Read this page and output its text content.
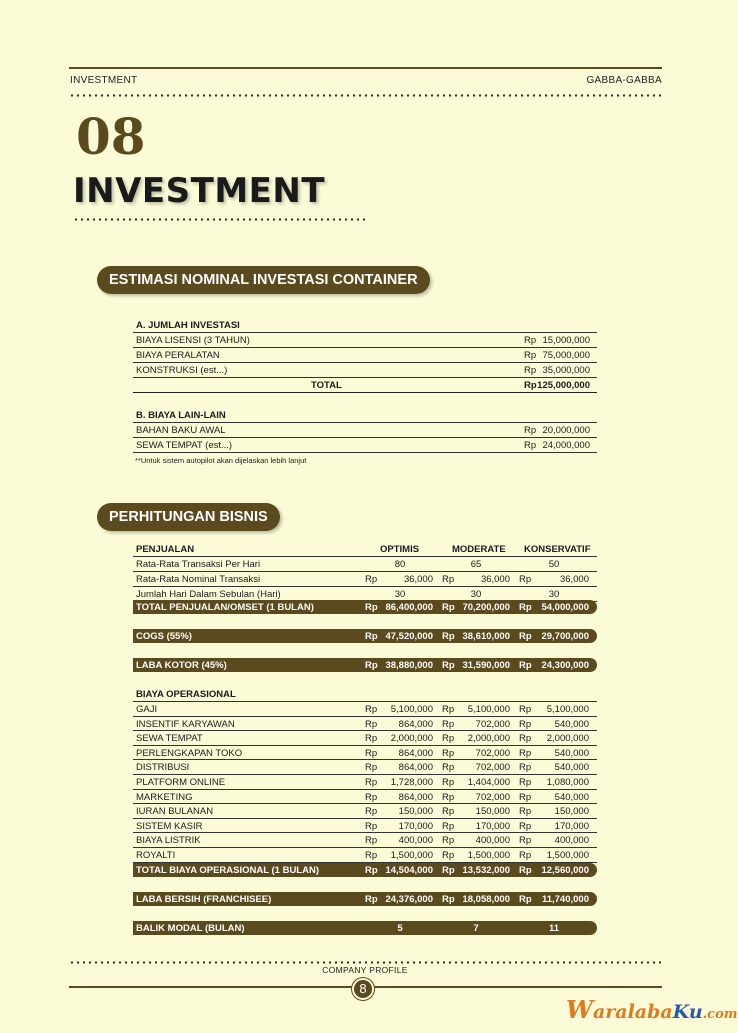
INVESTMENT	GABBA-GABBA
08
INVESTMENT
ESTIMASI NOMINAL INVESTASI CONTAINER
A. JUMLAH INVESTASI
BIAYA LISENSI (3 TAHUN)	Rp 15,000,000
BIAYA PERALATAN	Rp 75,000,000
KONSTRUKSI (est...)	Rp 35,000,000
TOTAL	Rp 125,000,000
B. BIAYA LAIN-LAIN
BAHAN BAKU AWAL	Rp 20,000,000
SEWA TEMPAT (est...)	Rp 24,000,000
**Untuk sistem autopilot akan dijelaskan lebih lanjut
PERHITUNGAN BISNIS
PENJUALAN	OPTIMIS	MODERATE KONSERVATIF
Rata-Rata Transaksi Per Hari	80	65	50
Rata-Rata Nominal Transaksi	Rp	36,000 Rp	36,000 Rp	36,000
Jumlah Hari Dalam Sebulan (Hari)	30	30	30
TOTAL PENJUALAN/OMSET (1 BULAN)	Rp 86,400,000 Rp 70,200,000 Rp 54,000,000
COGS (55%)	Rp 47,520,000 Rp 38,610,000 Rp 29,700,000
LABA KOTOR (45%)	Rp 38,880,000 Rp 31,590,000 Rp 24,300,000
BIAYA OPERASIONAL
GAJI	Rp 5,100,000 Rp 5,100,000 Rp 5,100,000
INSENTIF KARYAWAN	Rp 864,000 Rp 702,000 Rp 540,000
SEWA TEMPAT	Rp 2,000,000 Rp 2,000,000 Rp 2,000,000
PERLENGKAPAN TOKO	Rp 864,000 Rp 702,000 Rp 540,000
DISTRIBUSI	Rp 864,000 Rp 702,000 Rp 540,000
PLATFORM ONLINE	Rp 1,728,000 Rp 1,404,000 Rp 1,080,000
MARKETING	Rp 864,000 Rp 702,000 Rp 540,000
IURAN BULANAN	Rp 150,000 Rp 150,000 Rp 150,000
SISTEM KASIR	Rp 170,000 Rp 170,000 Rp 170,000
BIAYA LISTRIK	Rp 400,000 Rp 400,000 Rp 400,000
ROYALTI	Rp 1,500,000 Rp 1,500,000 Rp 1,500,000
TOTAL BIAYA OPERASIONAL (1 BULAN)	Rp 14,504,000 Rp 13,532,000 Rp 12,560,000
LABA BERSIH (FRANCHISEE)	Rp 24,376,000 Rp 18,058,000 Rp 11,740,000
BALIK MODAL (BULAN)	5	7	11
COMPANY PROFILE
8
WaralabaKu.com
